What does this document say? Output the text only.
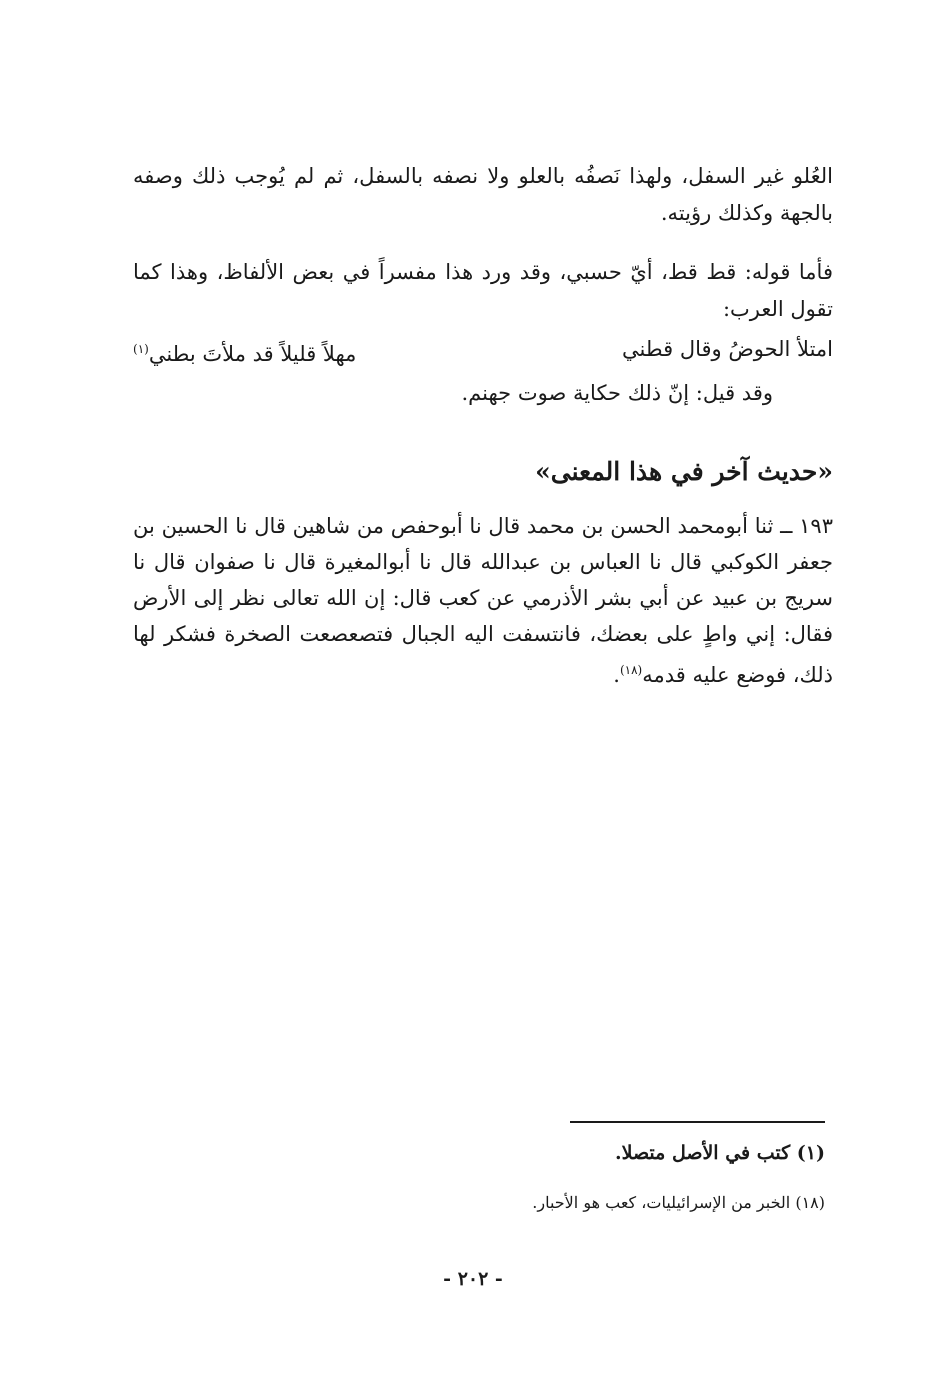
العُلو غير السفل، ولهذا نَصفُه بالعلو ولا نصفه بالسفل، ثم لم يُوجب ذلك وصفه بالجهة وكذلك رؤيته.

فأما قوله: قط قط، أيّ حسبي، وقد ورد هذا مفسراً في بعض الألفاظ، وهذا كما تقول العرب:

امتلأ الحوضُ وقال قطني
مهلاً قليلاً قد ملأتَ بطني$^{(١)}$

وقد قيل: إنّ ذلك حكاية صوت جهنم.

«حديث آخر في هذا المعنى»

١٩٣ ــ ثنا أبومحمد الحسن بن محمد قال نا أبوحفص من شاهين قال نا الحسين بن جعفر الكوكبي قال نا العباس بن عبدالله قال نا أبوالمغيرة قال نا صفوان قال نا سريج بن عبيد عن أبي بشر الأذرمي عن كعب قال: إن الله تعالى نظر إلى الأرض فقال: إني واطٍ على بعضك، فانتسفت اليه الجبال فتصعصعت الصخرة فشكر لها ذلك، فوضع عليه قدمه$^{(١٨)}$.

(١) كتب في الأصل متصلا.

(١٨) الخبر من الإسرائيليات، كعب هو الأحبار.

- ٢٠٢ -
